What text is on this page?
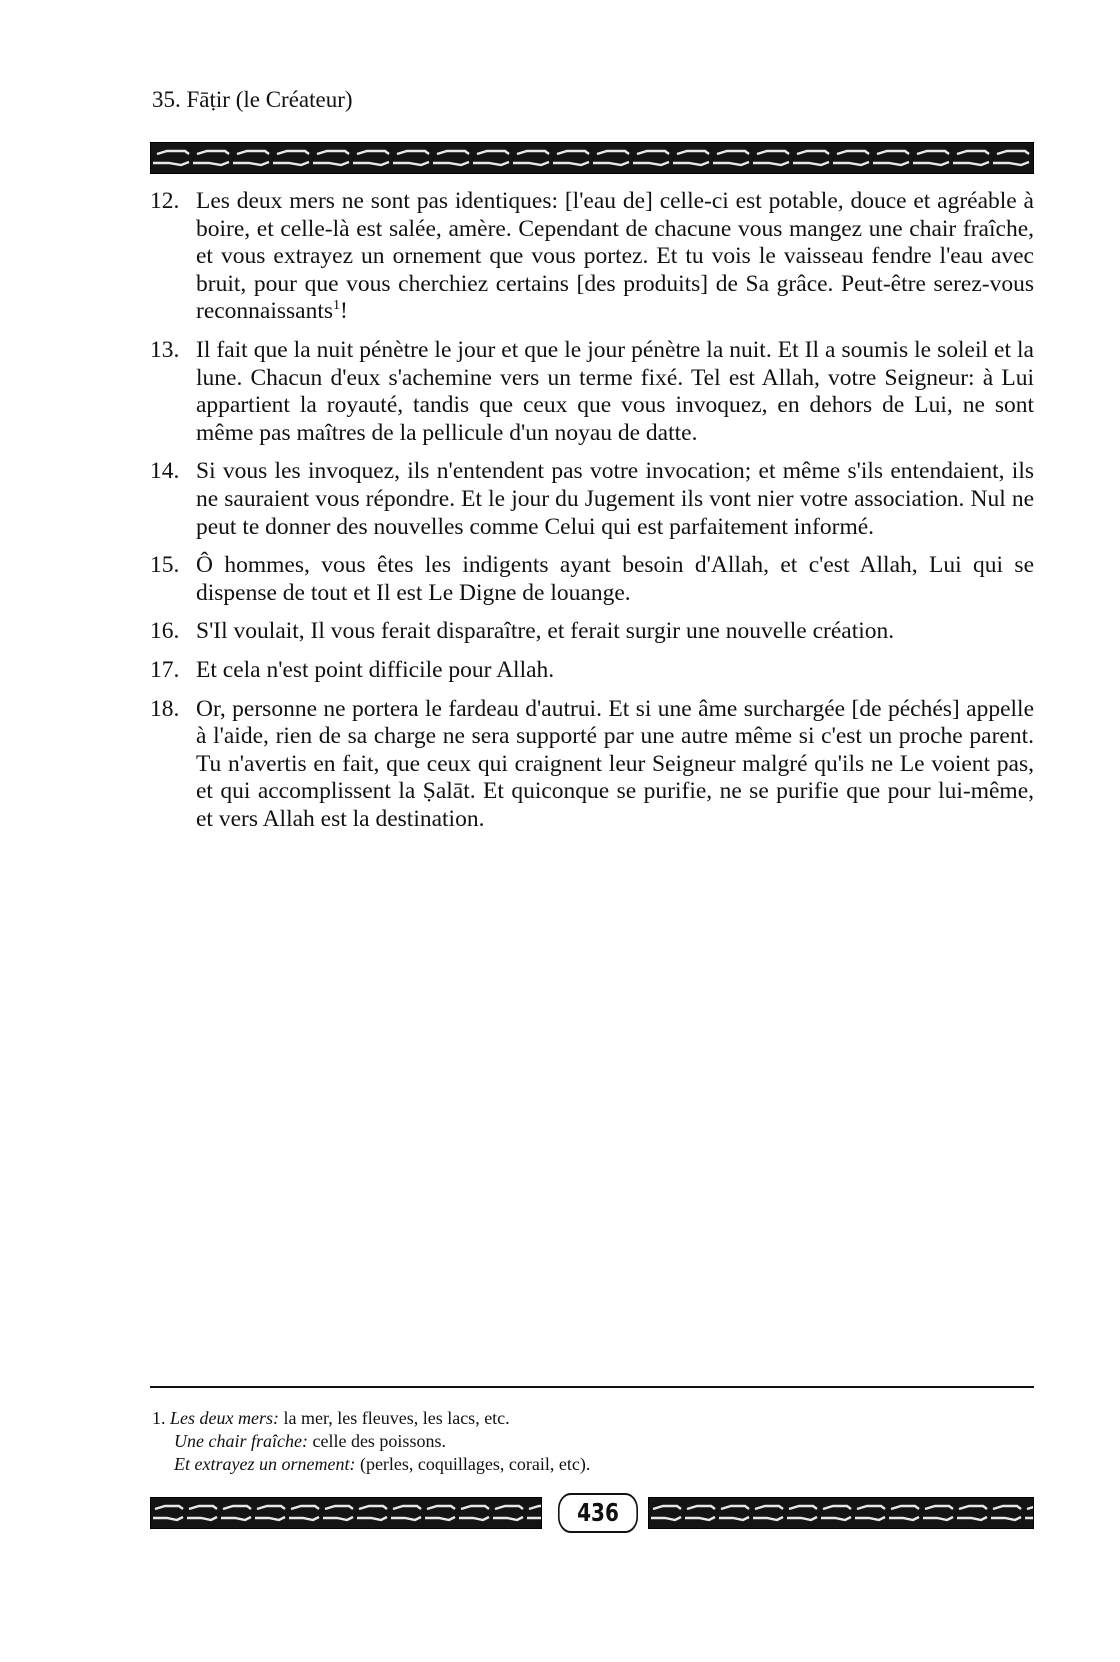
35. Fāṭir (le Créateur)
12. Les deux mers ne sont pas identiques: [l'eau de] celle-ci est potable, douce et agréable à boire, et celle-là est salée, amère. Cependant de chacune vous mangez une chair fraîche, et vous extrayez un ornement que vous portez. Et tu vois le vaisseau fendre l'eau avec bruit, pour que vous cherchiez certains [des produits] de Sa grâce. Peut-être serez-vous reconnaissants$^1$!
13. Il fait que la nuit pénètre le jour et que le jour pénètre la nuit. Et Il a soumis le soleil et la lune. Chacun d'eux s'achemine vers un terme fixé. Tel est Allah, votre Seigneur: à Lui appartient la royauté, tandis que ceux que vous invoquez, en dehors de Lui, ne sont même pas maîtres de la pellicule d'un noyau de datte.
14. Si vous les invoquez, ils n'entendent pas votre invocation; et même s'ils entendaient, ils ne sauraient vous répondre. Et le jour du Jugement ils vont nier votre association. Nul ne peut te donner des nouvelles comme Celui qui est parfaitement informé.
15. Ô hommes, vous êtes les indigents ayant besoin d'Allah, et c'est Allah, Lui qui se dispense de tout et Il est Le Digne de louange.
16. S'Il voulait, Il vous ferait disparaître, et ferait surgir une nouvelle création.
17. Et cela n'est point difficile pour Allah.
18. Or, personne ne portera le fardeau d'autrui. Et si une âme surchargée [de péchés] appelle à l'aide, rien de sa charge ne sera supporté par une autre même si c'est un proche parent. Tu n'avertis en fait, que ceux qui craignent leur Seigneur malgré qu'ils ne Le voient pas, et qui accomplissent la Ṣalāt. Et quiconque se purifie, ne se purifie que pour lui-même, et vers Allah est la destination.
1. Les deux mers: la mer, les fleuves, les lacs, etc.
Une chair fraîche: celle des poissons.
Et extrayez un ornement: (perles, coquillages, corail, etc).
436
